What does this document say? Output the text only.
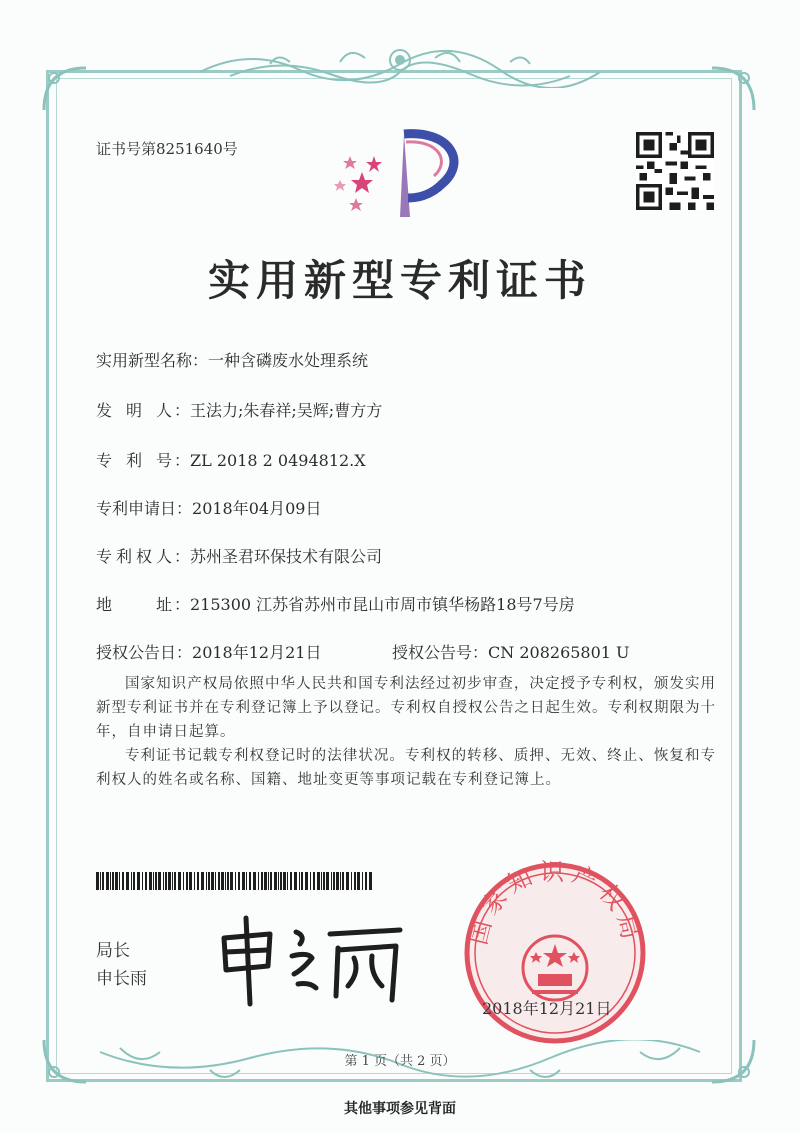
证书号第8251640号
实用新型专利证书
实用新型名称：一种含磷废水处理系统
发 明 人 ：王法力;朱春祥;吴辉;曹方方
专 利 号 ：ZL 2018 2 0494812.X
专利申请日：2018年04月09日
专 利 权 人 ：苏州圣君环保技术有限公司
地	址 ：215300 江苏省苏州市昆山市周市镇华杨路18号7号房
授权公告日：2018年12月21日	授权公告号：CN 208265801 U
国家知识产权局依照中华人民共和国专利法经过初步审查，决定授予专利权，颁发实用新型专利证书并在专利登记簿上予以登记。专利权自授权公告之日起生效。专利权期限为十年，自申请日起算。
专利证书记载专利权登记时的法律状况。专利权的转移、质押、无效、终止、恢复和专利权人的姓名或名称、国籍、地址变更等事项记载在专利登记簿上。
局长
申长雨
国家知识产权局
2018年12月21日
第 1 页（共 2 页）
其他事项参见背面
